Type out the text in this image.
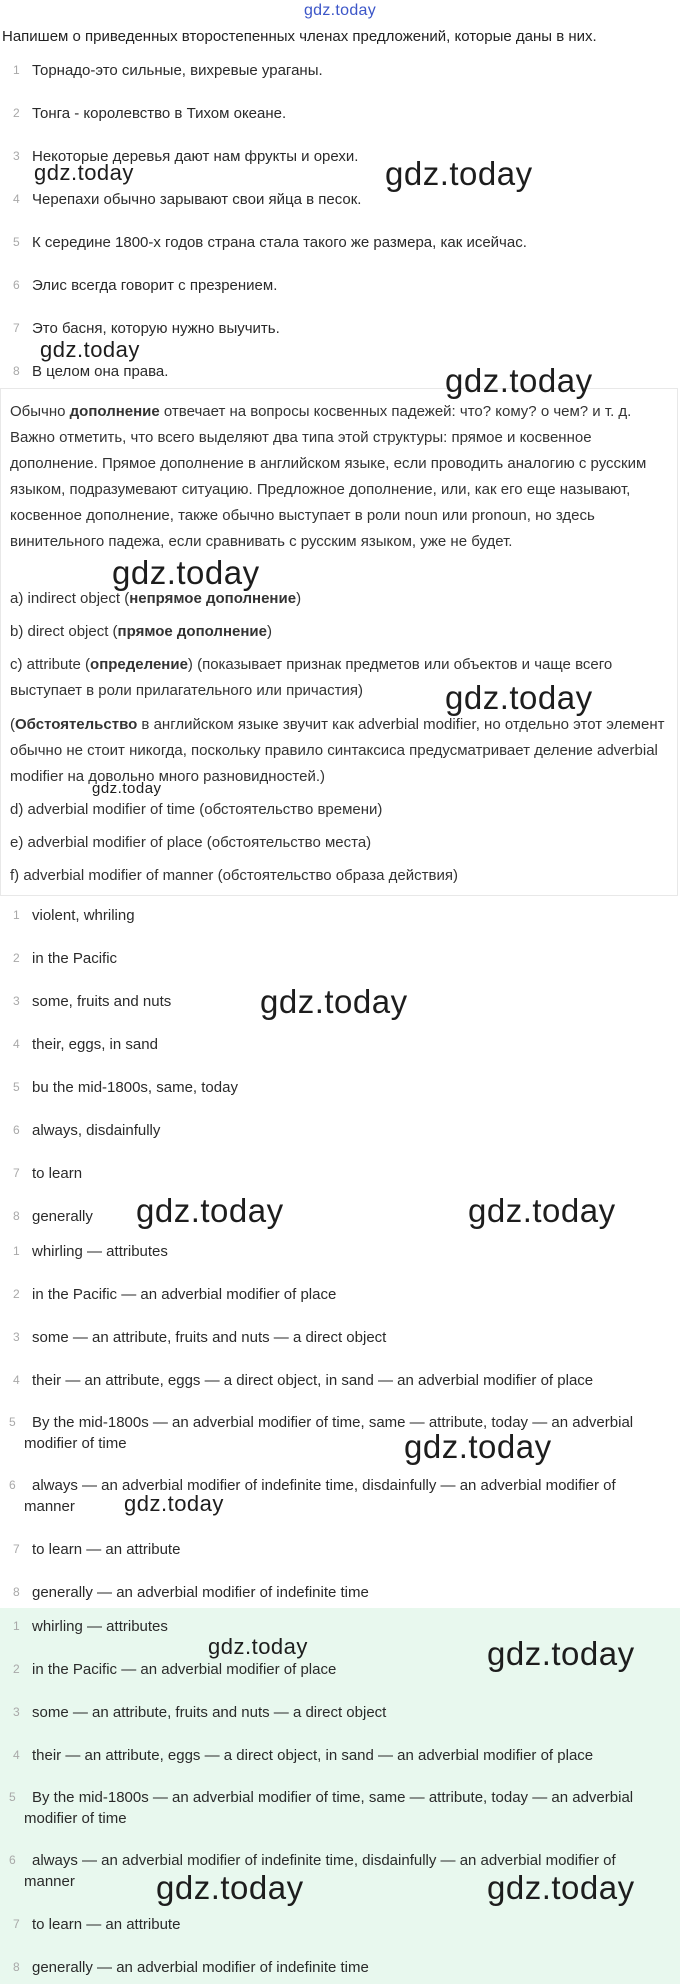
gdz.today
Напишем о приведенных второстепенных членах предложений, которые даны в них.
1 Торнадо-это сильные, вихревые ураганы.
2 Тонга - королевство в Тихом океане.
3 Некоторые деревья дают нам фрукты и орехи.
4 Черепахи обычно зарывают свои яйца в песок.
5 К середине 1800-х годов страна стала такого же размера, как исейчас.
6 Элис всегда говорит с презрением.
7 Это басня, которую нужно выучить.
8 В целом она права.

Обычно дополнение отвечает на вопросы косвенных падежей: что? кому? о чем? и т. д. Важно отметить, что всего выделяют два типа этой структуры: прямое и косвенное дополнение. Прямое дополнение в английском языке, если проводить аналогию с русским языком, подразумевают ситуацию. Предложное дополнение, или, как его еще называют, косвенное дополнение, также обычно выступает в роли noun или pronoun, но здесь винительного падежа, если сравнивать с русским языком, уже не будет.

a) indirect object (непрямое дополнение)

b) direct object (прямое дополнение)

c) attribute (определение) (показывает признак предметов или объектов и чаще всего выступает в роли прилагательного или причастия)

(Обстоятельство в английском языке звучит как adverbial modifier, но отдельно этот элемент обычно не стоит никогда, поскольку правило синтаксиса предусматривает деление adverbial modifier на довольно много разновидностей.)

d) adverbial modifier of time (обстоятельство времени)

e) adverbial modifier of place (обстоятельство места)

f) adverbial modifier of manner (обстоятельство образа действия)

1 violent, whriling
2 in the Pacific
3 some, fruits and nuts
4 their, eggs, in sand
5 bu the mid-1800s, same, today
6 always, disdainfully
7 to learn
8 generally
1 whirling — attributes
2 in the Pacific — an adverbial modifier of place
3 some — an attribute, fruits and nuts — a direct object
4 their — an attribute, eggs — a direct object, in sand — an adverbial modifier of place
5	By the mid-1800s — an adverbial modifier of time, same — attribute, today — an adverbial modifier of time
6	always — an adverbial modifier of indefinite time, disdainfully — an adverbial modifier of manner
7 to learn — an attribute
8 generally — an adverbial modifier of indefinite time
1 whirling — attributes
2 in the Pacific — an adverbial modifier of place
3 some — an attribute, fruits and nuts — a direct object
4 their — an attribute, eggs — a direct object, in sand — an adverbial modifier of place
5	By the mid-1800s — an adverbial modifier of time, same — attribute, today — an adverbial modifier of time
6	always — an adverbial modifier of indefinite time, disdainfully — an adverbial modifier of manner
7 to learn — an attribute
8 generally — an adverbial modifier of indefinite time
gdz.today	gdz.today
gdz.today
gdz.today
gdz.today
gdz.today
gdz.today
gdz.today
gdz.today	gdz.today
gdz.today
gdz.today
gdz.today	gdz.today
gdz.today	gdz.today
